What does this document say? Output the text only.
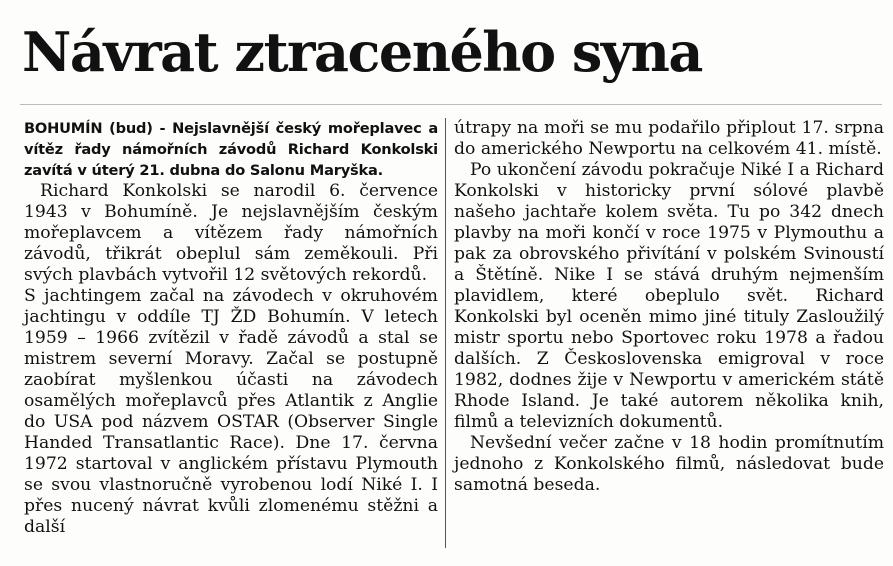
Návrat ztraceného syna

BOHUMÍN (bud) - Nejslavnější český mořeplavec a vítěz řady námořních závodů Richard Konkolski zavítá v úterý 21. dubna do Salonu Maryška.

Richard Konkolski se narodil 6. července 1943 v Bohumíně. Je nejslavnějším českým mořeplavcem a vítězem řady námořních závodů, třikrát obeplul sám zeměkouli. Při svých plavbách vytvořil 12 světových rekordů.

S jachtingem začal na závodech v okruhovém jachtingu v oddíle TJ ŽD Bohumín. V letech 1959 – 1966 zvítězil v řadě závodů a stal se mistrem severní Moravy. Začal se postupně zaobírat myšlenkou účasti na závodech osamělých mořeplavců přes Atlantik z Anglie do USA pod názvem OSTAR (Observer Single Handed Transatlantic Race). Dne 17. června 1972 startoval v anglickém přístavu Plymouth se svou vlastnoručně vyrobenou lodí Niké I. I přes nucený návrat kvůli zlomenému stěžni a další

útrapy na moři se mu podařilo připlout 17. srpna do amerického Newportu na celkovém 41. místě.

Po ukončení závodu pokračuje Niké I a Richard Konkolski v historicky první sólové plavbě našeho jachtaře kolem světa. Tu po 342 dnech plavby na moři končí v roce 1975 v Plymouthu a pak za obrovského přivítání v polském Svinoustí a Štětíně. Nike I se stává druhým nejmenším plavidlem, které obeplulo svět. Richard Konkolski byl oceněn mimo jiné tituly Zasloužilý mistr sportu nebo Sportovec roku 1978 a řadou dalších. Z Československa emigroval v roce 1982, dodnes žije v Newportu v americkém státě Rhode Island. Je také autorem několika knih, filmů a televizních dokumentů.

Nevšední večer začne v 18 hodin promítnutím jednoho z Konkolského filmů, následovat bude samotná beseda.
